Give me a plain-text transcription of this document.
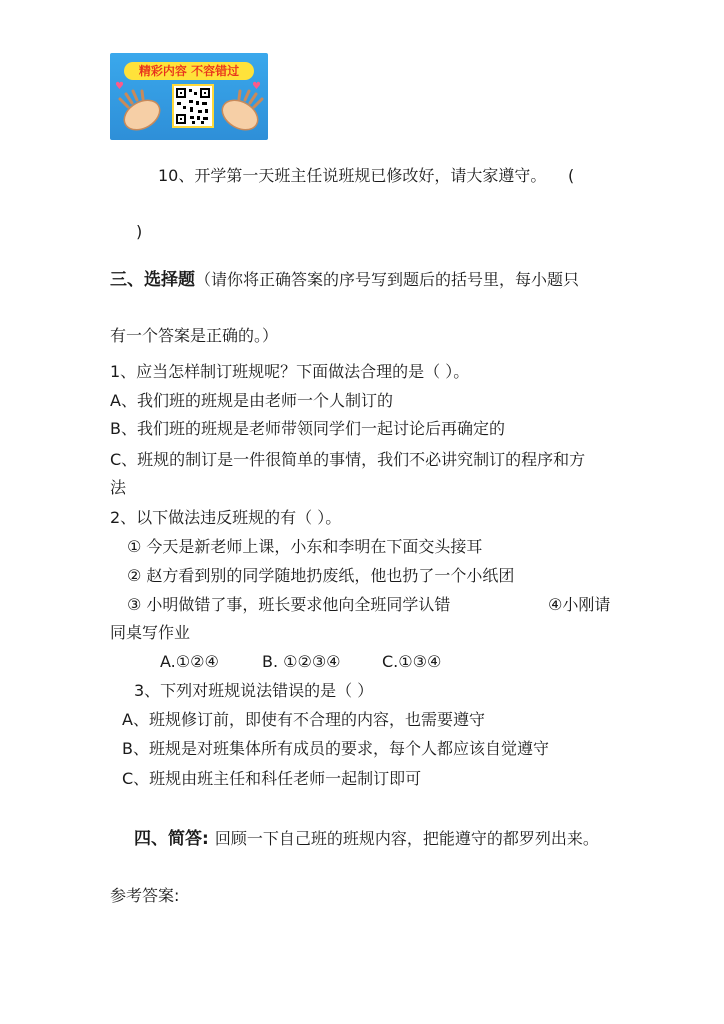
精彩内容 不容错过
♥	♥
10、开学第一天班主任说班规已修改好，请大家遵守。 (
)
三、选择题（请你将正确答案的序号写到题后的括号里，每小题只
有一个答案是正确的。）
1、应当怎样制订班规呢？下面做法合理的是（ ）。
A、我们班的班规是由老师一个人制订的
B、我们班的班规是老师带领同学们一起讨论后再确定的
C、班规的制订是一件很简单的事情，我们不必讲究制订的程序和方
法
2、以下做法违反班规的有（ ）。
① 今天是新老师上课，小东和李明在下面交头接耳
② 赵方看到别的同学随地扔废纸，他也扔了一个小纸团
③ 小明做错了事，班长要求他向全班同学认错	④小刚请
同桌写作业
A.①②④	B. ①②③④	C.①③④
3、下列对班规说法错误的是（ ）
A、班规修订前，即使有不合理的内容，也需要遵守
B、班规是对班集体所有成员的要求，每个人都应该自觉遵守
C、班规由班主任和科任老师一起制订即可
四、简答: 回顾一下自己班的班规内容，把能遵守的都罗列出来。
参考答案:
